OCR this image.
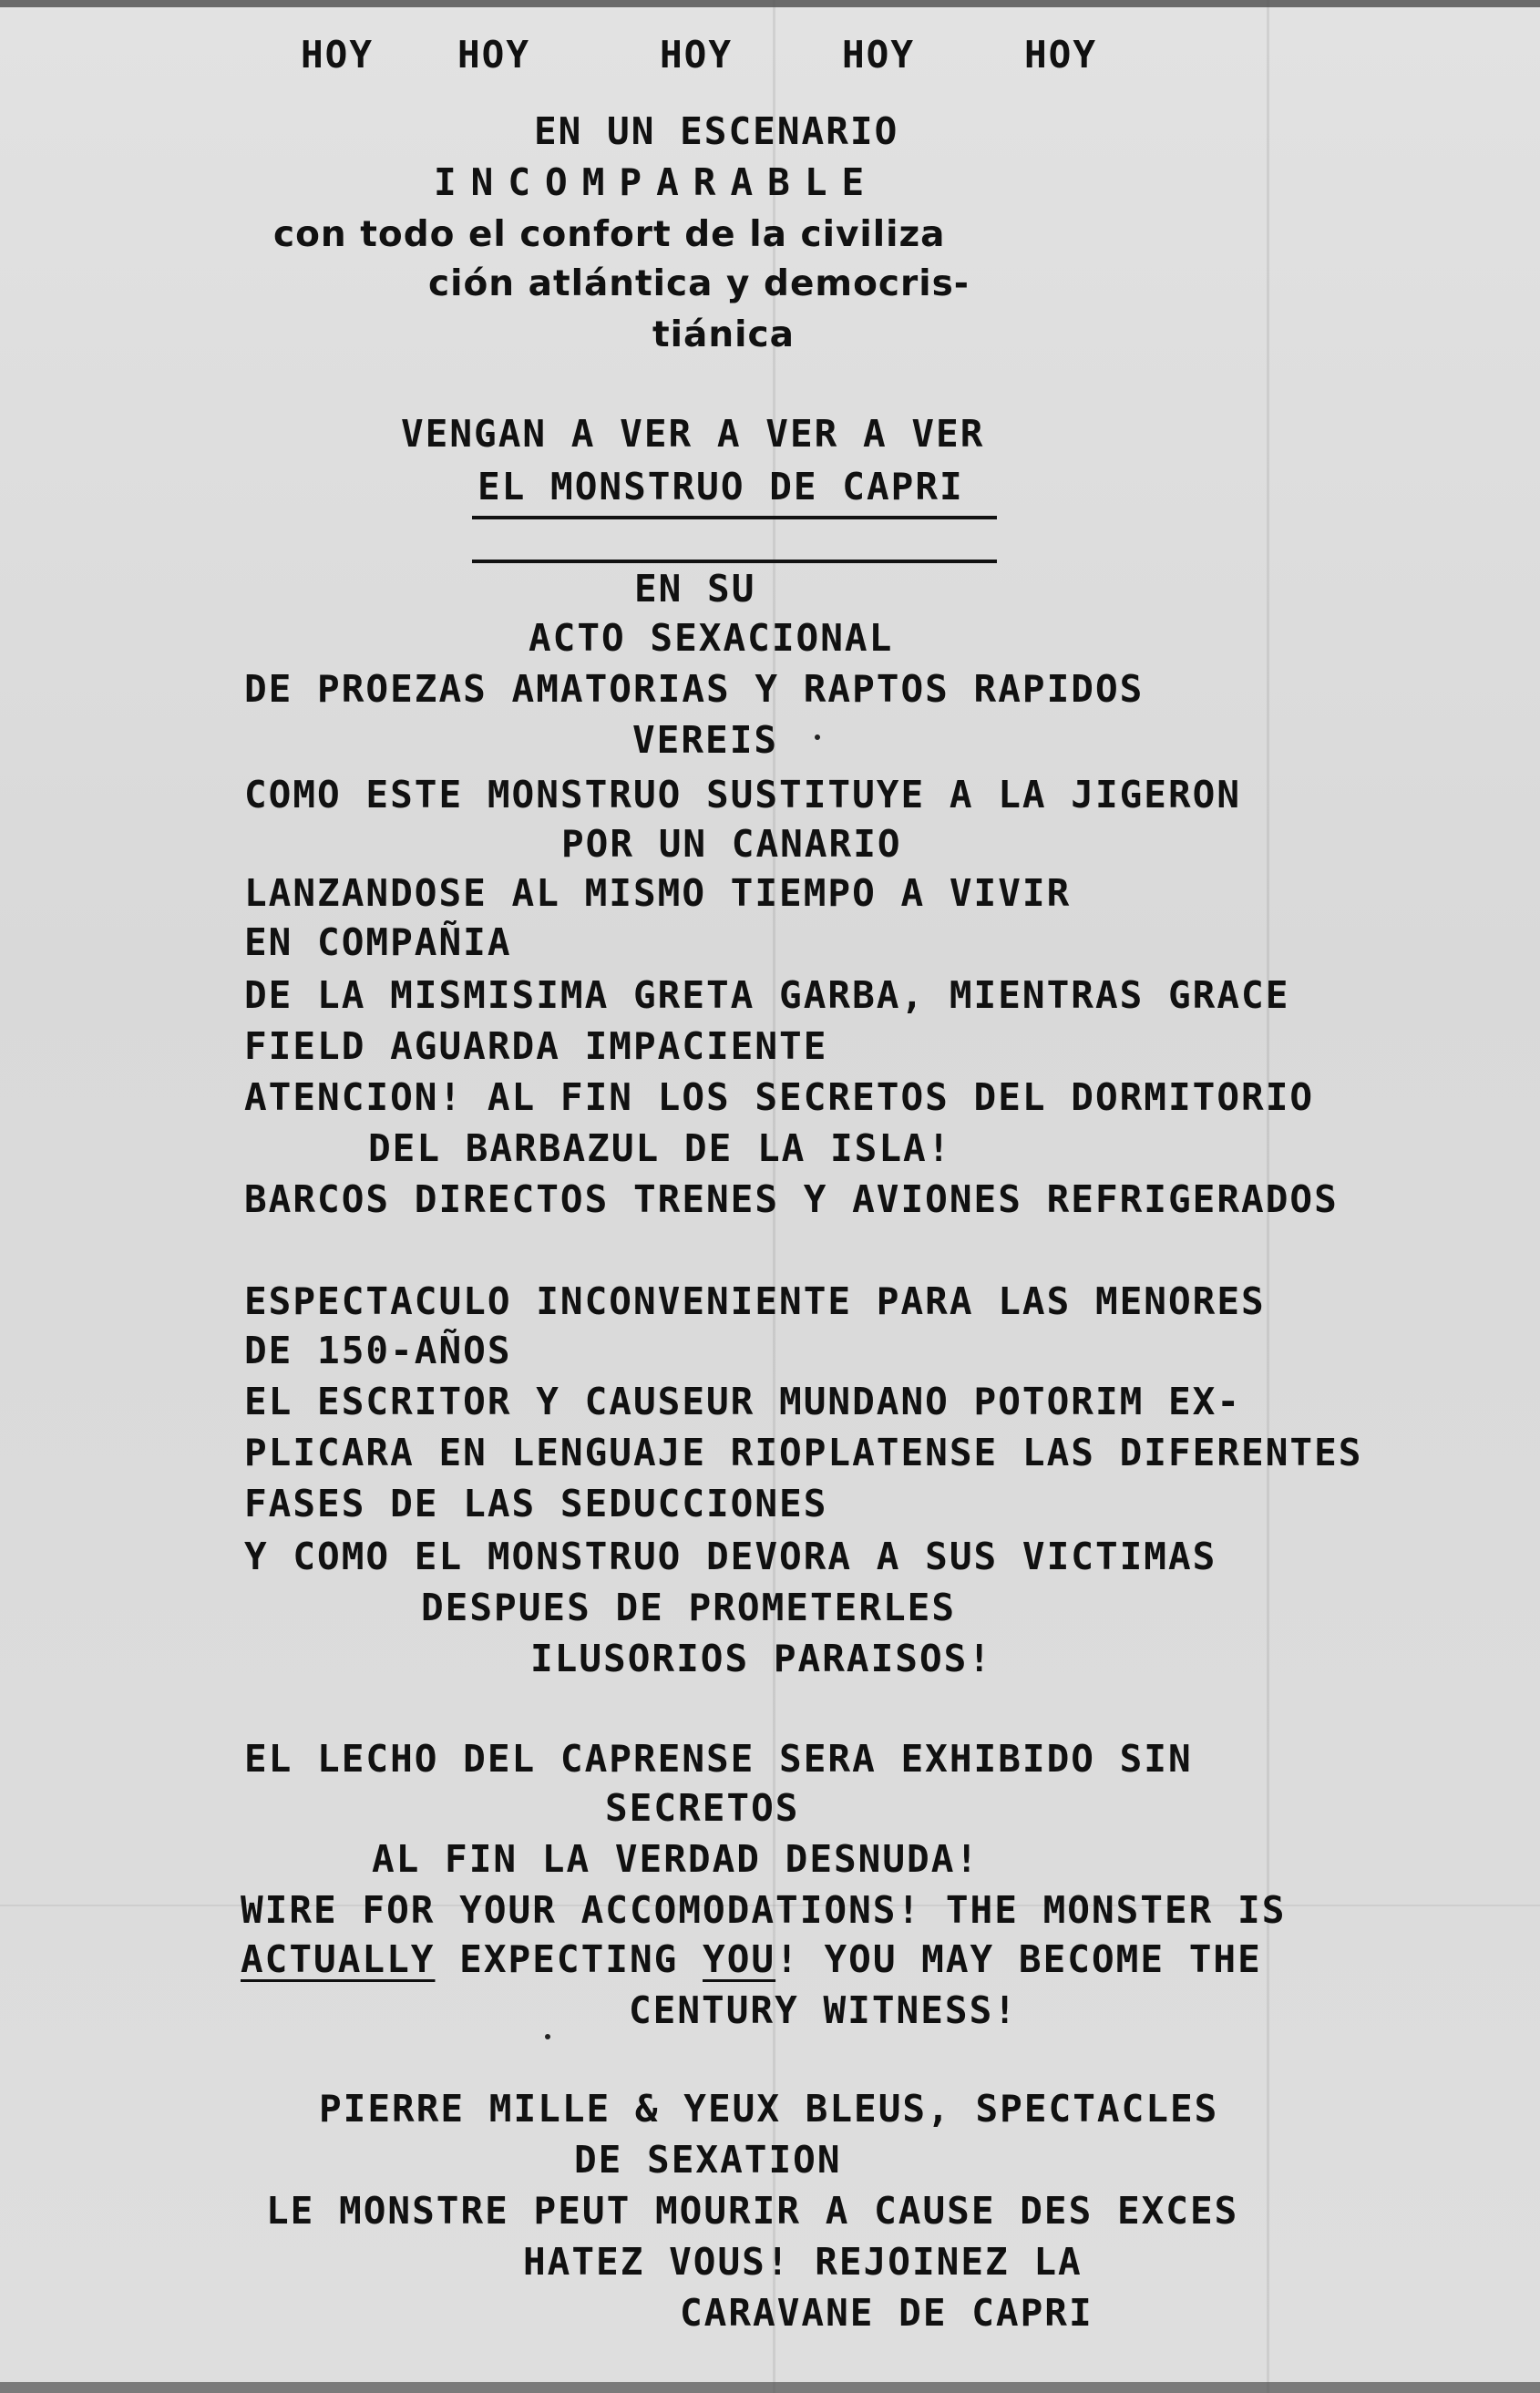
HOY HOY	HOY	HOY	HOY
EN UN ESCENARIO
INCOMPARABLE
con todo el confort de la civiliza
ción atlántica y democris-
tiánica
VENGAN A VER A VER A VER
EL MONSTRUO DE CAPRI
EN SU
ACTO SEXACIONAL
DE PROEZAS AMATORIAS Y RAPTOS RAPIDOS
VEREIS
COMO ESTE MONSTRUO SUSTITUYE A LA JIGERON
POR UN CANARIO
LANZANDOSE AL MISMO TIEMPO A VIVIR
EN COMPAÑIA
DE LA MISMISIMA GRETA GARBA, MIENTRAS GRACE
FIELD AGUARDA IMPACIENTE
ATENCION! AL FIN LOS SECRETOS DEL DORMITORIO
DEL BARBAZUL DE LA ISLA!
BARCOS DIRECTOS TRENES Y AVIONES REFRIGERADOS
ESPECTACULO INCONVENIENTE PARA LAS MENORES
DE 150-AÑOS
EL ESCRITOR Y CAUSEUR MUNDANO POTORIM EX-
PLICARA EN LENGUAJE RIOPLATENSE LAS DIFERENTES
FASES DE LAS SEDUCCIONES
Y COMO EL MONSTRUO DEVORA A SUS VICTIMAS
DESPUES DE PROMETERLES
ILUSORIOS PARAISOS!
EL LECHO DEL CAPRENSE SERA EXHIBIDO SIN
SECRETOS
AL FIN LA VERDAD DESNUDA!
WIRE FOR YOUR ACCOMODATIONS! THE MONSTER IS
ACTUALLY EXPECTING YOU! YOU MAY BECOME THE
CENTURY WITNESS!
PIERRE MILLE & YEUX BLEUS, SPECTACLES
DE SEXATION
LE MONSTRE PEUT MOURIR A CAUSE DES EXCES
HATEZ VOUS! REJOINEZ LA
CARAVANE DE CAPRI
